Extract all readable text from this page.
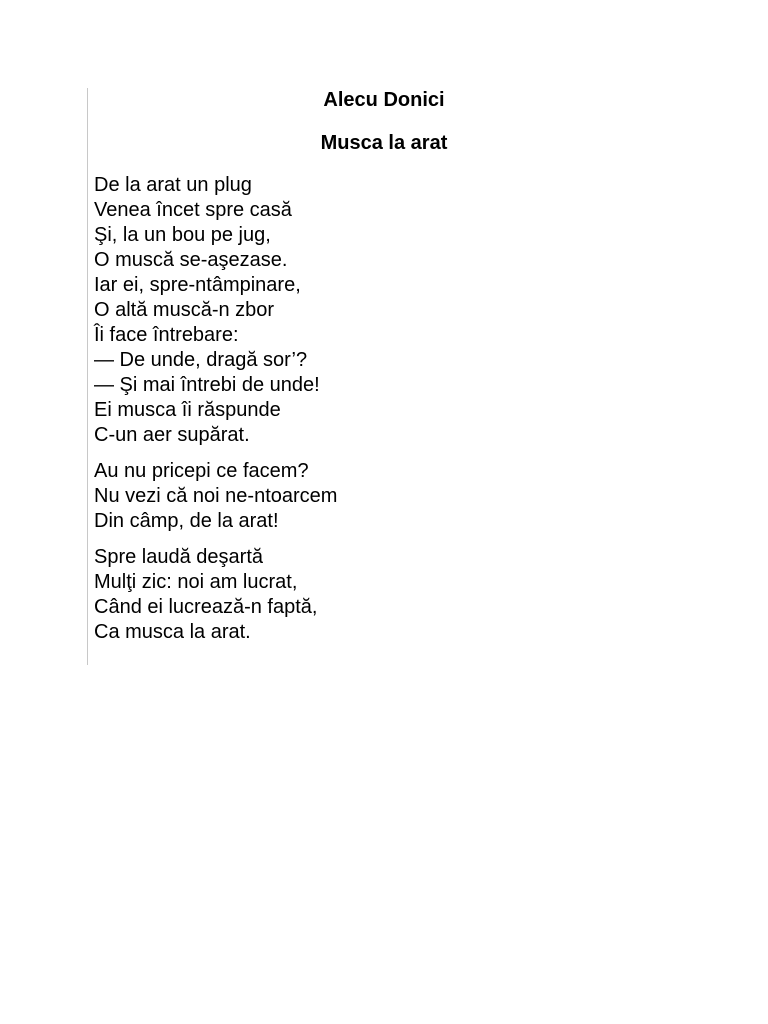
Alecu Donici
Musca la arat
De la arat un plug
Venea încet spre casă
Şi, la un bou pe jug,
O muscă se-aşezase.
Iar ei, spre-ntâmpinare,
O altă muscă-n zbor
Îi face întrebare:
— De unde, dragă sor’?
— Şi mai întrebi de unde!
Ei musca îi răspunde
C-un aer supărat.
Au nu pricepi ce facem?
Nu vezi că noi ne-ntoarcem
Din câmp, de la arat!
Spre laudă deşartă
Mulţi zic: noi am lucrat,
Când ei lucrează-n faptă,
Ca musca la arat.
